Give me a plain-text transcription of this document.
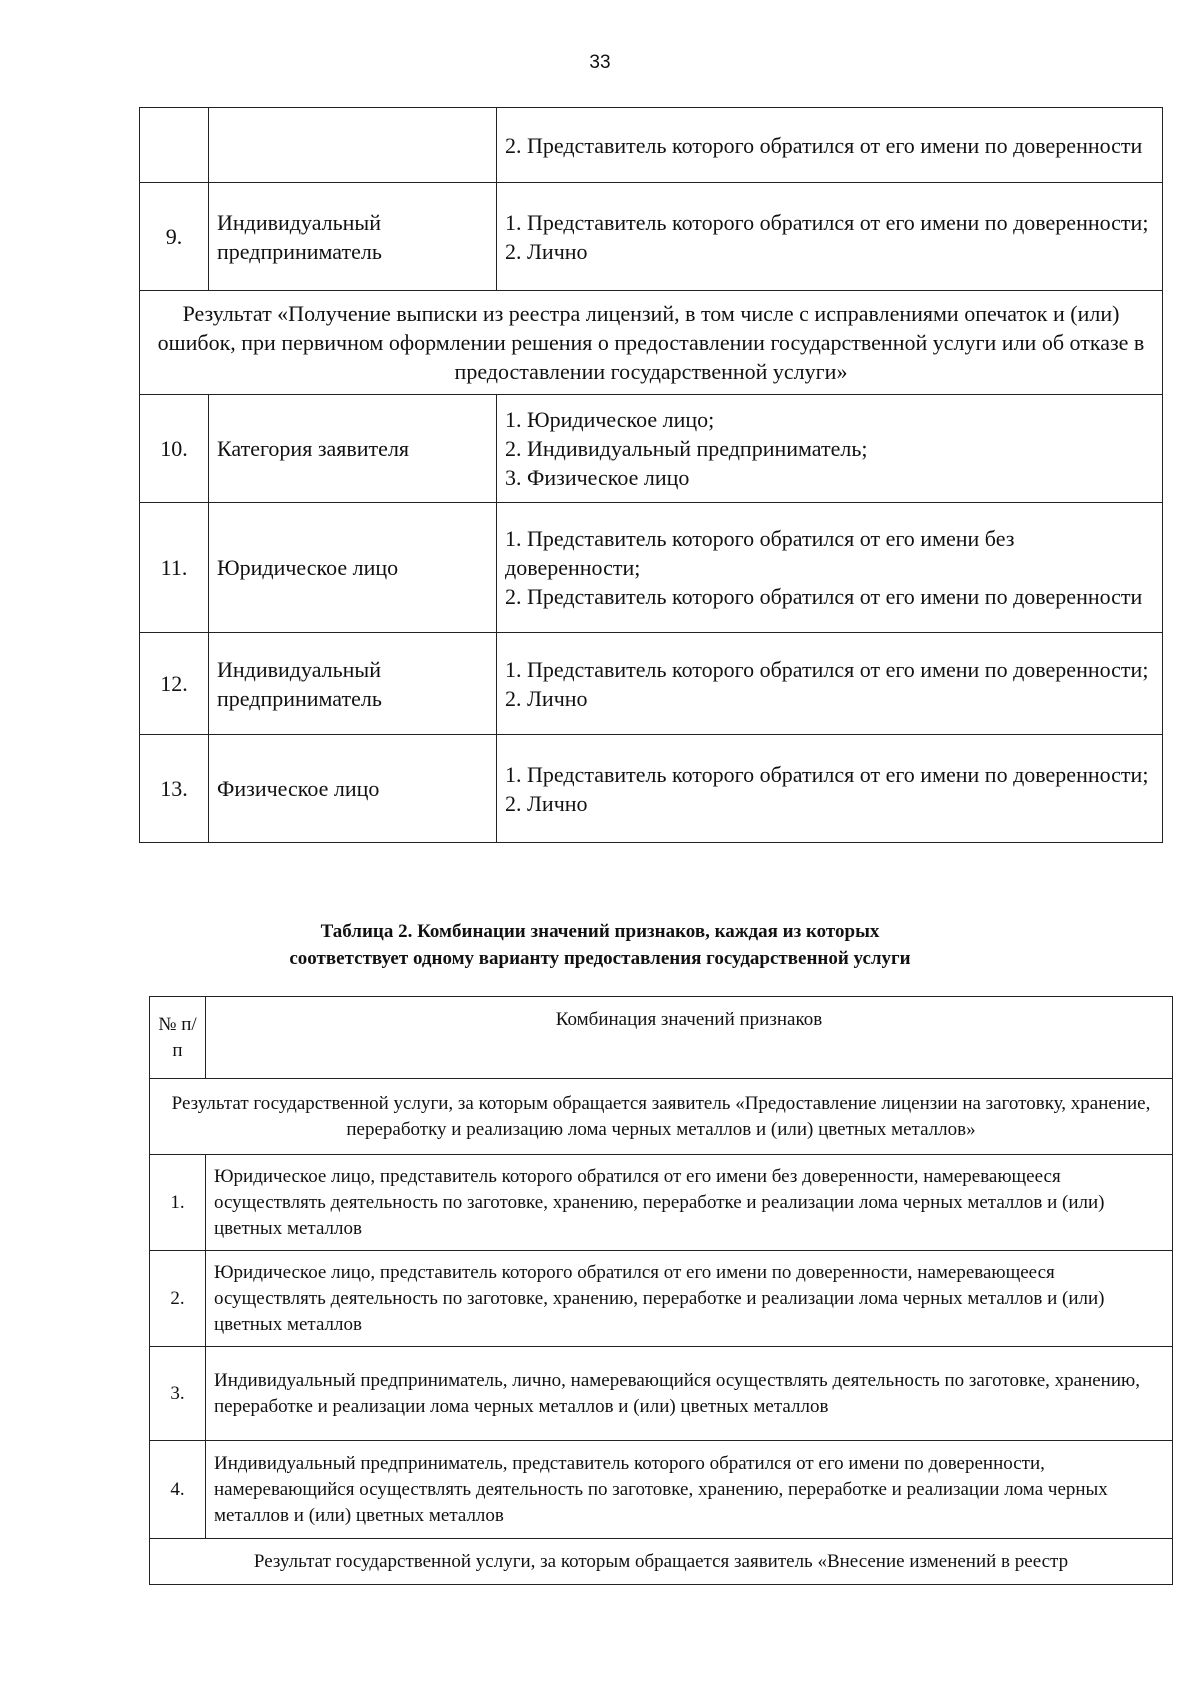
33

		2. Представитель которого обратился от его имени по доверенности

9.	Индивидуальный предприниматель	1. Представитель которого обратился от его имени по доверенности;
2. Лично

Результат «Получение выписки из реестра лицензий, в том числе с исправлениями опечаток и (или) ошибок, при первичном оформлении решения о предоставлении государственной услуги или об отказе в предоставлении государственной услуги»		
10.	Категория заявителя	1. Юридическое лицо;
2. Индивидуальный предприниматель;
3. Физическое лицо

11.	Юридическое лицо	1. Представитель которого обратился от его имени без доверенности;
2. Представитель которого обратился от его имени по доверенности

12.	Индивидуальный предприниматель	1. Представитель которого обратился от его имени по доверенности;
2. Лично

13.	Физическое лицо	1. Представитель которого обратился от его имени по доверенности;
2. Лично
Таблица 2. Комбинации значений признаков, каждая из которых
соответствует одному варианту предоставления государственной услуги
№ п/п	Комбинация значений признаков
Результат государственной услуги, за которым обращается заявитель «Предоставление лицензии на заготовку, хранение, переработку и реализацию лома черных металлов и (или) цветных металлов»	
1.	Юридическое лицо, представитель которого обратился от его имени без доверенности, намеревающееся осуществлять деятельность по заготовке, хранению, переработке и реализации лома черных металлов и (или) цветных металлов
2.	Юридическое лицо, представитель которого обратился от его имени по доверенности, намеревающееся осуществлять деятельность по заготовке, хранению, переработке и реализации лома черных металлов и (или) цветных металлов
3.	Индивидуальный предприниматель, лично, намеревающийся осуществлять деятельность по заготовке, хранению, переработке и реализации лома черных металлов и (или) цветных металлов
4.	Индивидуальный предприниматель, представитель которого обратился от его имени по доверенности, намеревающийся осуществлять деятельность по заготовке, хранению, переработке и реализации лома черных металлов и (или) цветных металлов
Результат государственной услуги, за которым обращается заявитель «Внесение изменений в реестр	
